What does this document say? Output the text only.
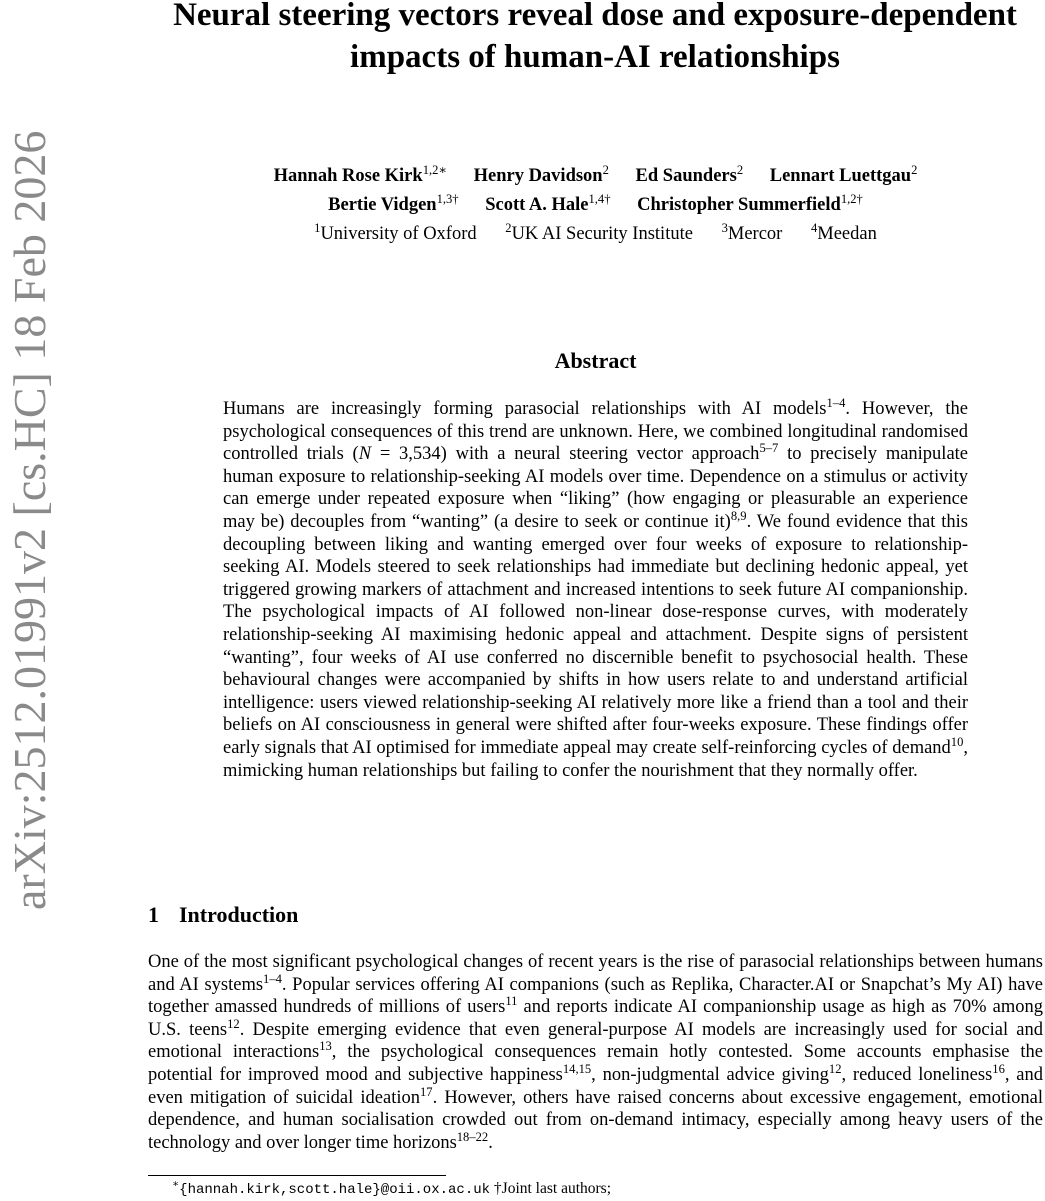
arXiv:2512.01991v2 [cs.HC] 18 Feb 2026
Neural steering vectors reveal dose and exposure-dependent impacts of human-AI relationships
Hannah Rose Kirk$^{1,2∗}$ Henry Davidson$^2$ Ed Saunders$^2$ Lennart Luettgau$^2$
Bertie Vidgen$^{1,3\dagger}$ Scott A. Hale$^{1,4\dagger}$ Christopher Summerfield$^{1,2\dagger}$
$^1$University of Oxford $^2$UK AI Security Institute $^3$Mercor $^4$Meedan
Abstract
Humans are increasingly forming parasocial relationships with AI models$^{1-4}$. However, the psychological consequences of this trend are unknown. Here, we combined longitudinal randomised controlled trials (N = 3,534) with a neural steering vector approach$^{5-7}$ to precisely manipulate human exposure to relationship-seeking AI models over time. Dependence on a stimulus or activity can emerge under repeated exposure when “liking” (how engaging or pleasurable an experience may be) decouples from “wanting” (a desire to seek or continue it)$^{8,9}$. We found evidence that this decoupling between liking and wanting emerged over four weeks of exposure to relationship-seeking AI. Models steered to seek relationships had immediate but declining hedonic appeal, yet triggered growing markers of attachment and increased intentions to seek future AI companionship. The psychological impacts of AI followed non-linear dose-response curves, with moderately relationship-seeking AI maximising hedonic appeal and attachment. Despite signs of persistent “wanting”, four weeks of AI use conferred no discernible benefit to psychosocial health. These behavioural changes were accompanied by shifts in how users relate to and understand artificial intelligence: users viewed relationship-seeking AI relatively more like a friend than a tool and their beliefs on AI consciousness in general were shifted after four-weeks exposure. These findings offer early signals that AI optimised for immediate appeal may create self-reinforcing cycles of demand$^{10}$, mimicking human relationships but failing to confer the nourishment that they normally offer.
1 Introduction
One of the most significant psychological changes of recent years is the rise of parasocial relationships between humans and AI systems$^{1-4}$. Popular services offering AI companions (such as Replika, Character.AI or Snapchat’s My AI) have together amassed hundreds of millions of users$^{11}$ and reports indicate AI companionship usage as high as 70% among U.S. teens$^{12}$. Despite emerging evidence that even general-purpose AI models are increasingly used for social and emotional interactions$^{13}$, the psychological consequences remain hotly contested. Some accounts emphasise the potential for improved mood and subjective happiness$^{14,15}$, non-judgmental advice giving$^{12}$, reduced loneliness$^{16}$, and even mitigation of suicidal ideation$^{17}$. However, others have raised concerns about excessive engagement, emotional dependence, and human socialisation crowded out from on-demand intimacy, especially among heavy users of the technology and over longer time horizons$^{18-22}$.
∗{hannah.kirk,scott.hale}@oii.ox.ac.uk †Joint last authors;
